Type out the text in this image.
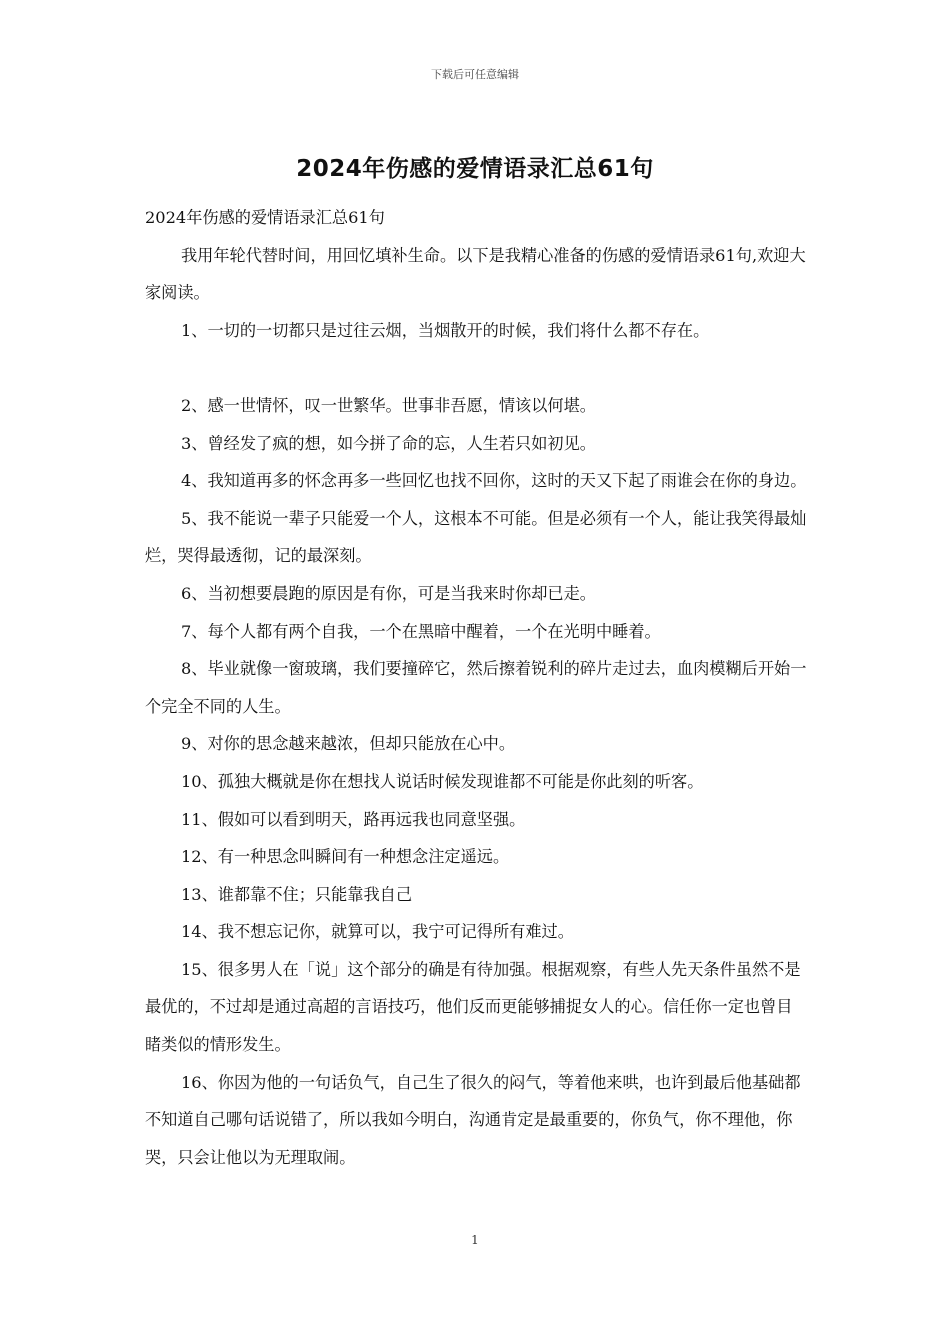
下载后可任意编辑
2024年伤感的爱情语录汇总61句

2024年伤感的爱情语录汇总61句

我用年轮代替时间，用回忆填补生命。以下是我精心准备的伤感的爱情语录61句,欢迎大家阅读。

1、一切的一切都只是过往云烟，当烟散开的时候，我们将什么都不存在。

2、感一世情怀，叹一世繁华。世事非吾愿，情该以何堪。

3、曾经发了疯的想，如今拼了命的忘，人生若只如初见。

4、我知道再多的怀念再多一些回忆也找不回你，这时的天又下起了雨谁会在你的身边。

5、我不能说一辈子只能爱一个人，这根本不可能。但是必须有一个人，能让我笑得最灿烂，哭得最透彻，记的最深刻。

6、当初想要晨跑的原因是有你，可是当我来时你却已走。

7、每个人都有两个自我，一个在黑暗中醒着，一个在光明中睡着。

8、毕业就像一窗玻璃，我们要撞碎它，然后擦着锐利的碎片走过去，血肉模糊后开始一个完全不同的人生。

9、对你的思念越来越浓，但却只能放在心中。

10、孤独大概就是你在想找人说话时候发现谁都不可能是你此刻的听客。

11、假如可以看到明天，路再远我也同意坚强。

12、有一种思念叫瞬间有一种想念注定遥远。

13、谁都靠不住；只能靠我自己

14、我不想忘记你，就算可以，我宁可记得所有难过。

15、很多男人在「说」这个部分的确是有待加强。根据观察，有些人先天条件虽然不是最优的，不过却是通过高超的言语技巧，他们反而更能够捕捉女人的心。信任你一定也曾目睹类似的情形发生。

16、你因为他的一句话负气，自己生了很久的闷气，等着他来哄，也许到最后他基础都不知道自己哪句话说错了，所以我如今明白，沟通肯定是最重要的，你负气，你不理他，你哭，只会让他以为无理取闹。

1
